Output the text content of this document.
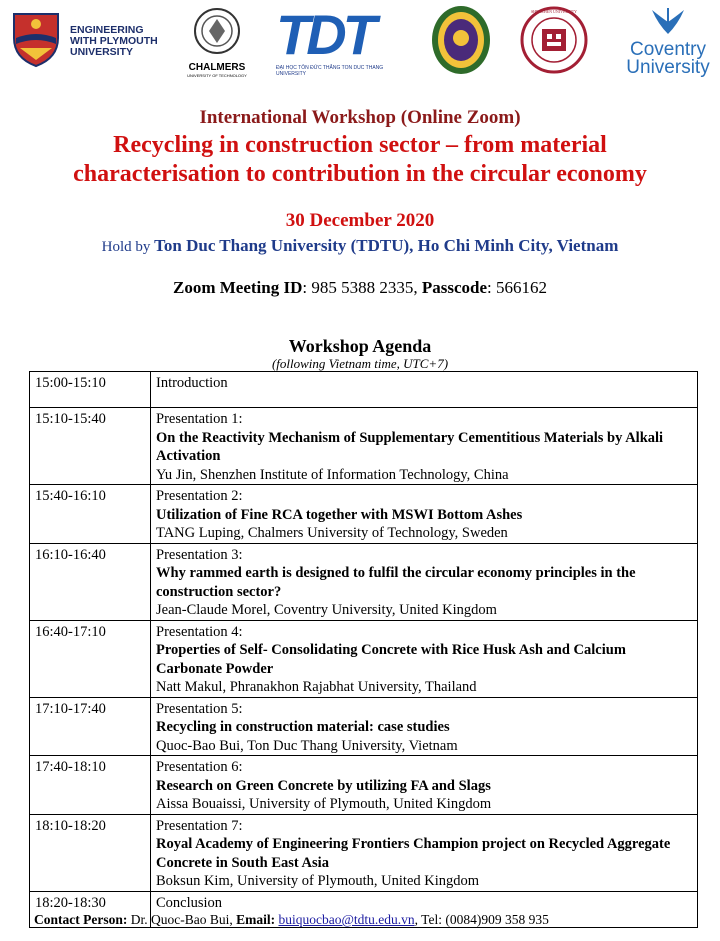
ENGINEERING WITH PLYMOUTH UNIVERSITY
CHALMERS
UNIVERSITY OF TECHNOLOGY
TDT
ĐẠI HỌC TÔN ĐỨC THẮNG TON DUC THANG UNIVERSITY
SHENZHEN UNIVERSITY
Coventry
University
International Workshop (Online Zoom)
Recycling in construction sector – from material
characterisation to contribution in the circular economy
30 December 2020
Hold by Ton Duc Thang University (TDTU), Ho Chi Minh City, Vietnam
Zoom Meeting ID: 985 5388 2335, Passcode: 566162
Workshop Agenda
(following Vietnam time, UTC+7)
15:00-15:10	Introduction

15:10-15:40	Presentation 1:
On the Reactivity Mechanism of Supplementary Cementitious Materials by Alkali Activation
Yu Jin, Shenzhen Institute of Information Technology, China

15:40-16:10	Presentation 2:
Utilization of Fine RCA together with MSWI Bottom Ashes
TANG Luping, Chalmers University of Technology, Sweden

16:10-16:40	Presentation 3:
Why rammed earth is designed to fulfil the circular economy principles in the construction sector?
Jean-Claude Morel, Coventry University, United Kingdom

16:40-17:10	Presentation 4:
Properties of Self- Consolidating Concrete with Rice Husk Ash and Calcium Carbonate Powder
Natt Makul, Phranakhon Rajabhat University, Thailand

17:10-17:40	Presentation 5:
Recycling in construction material: case studies
Quoc-Bao Bui, Ton Duc Thang University, Vietnam

17:40-18:10	Presentation 6:
Research on Green Concrete by utilizing FA and Slags
Aissa Bouaissi, University of Plymouth, United Kingdom

18:10-18:20	Presentation 7:
Royal Academy of Engineering Frontiers Champion project on Recycled Aggregate Concrete in South East Asia
Boksun Kim, University of Plymouth, United Kingdom

18:20-18:30	Conclusion
Contact Person: Dr. Quoc-Bao Bui, Email: buiquocbao@tdtu.edu.vn, Tel: (0084)909 358 935
